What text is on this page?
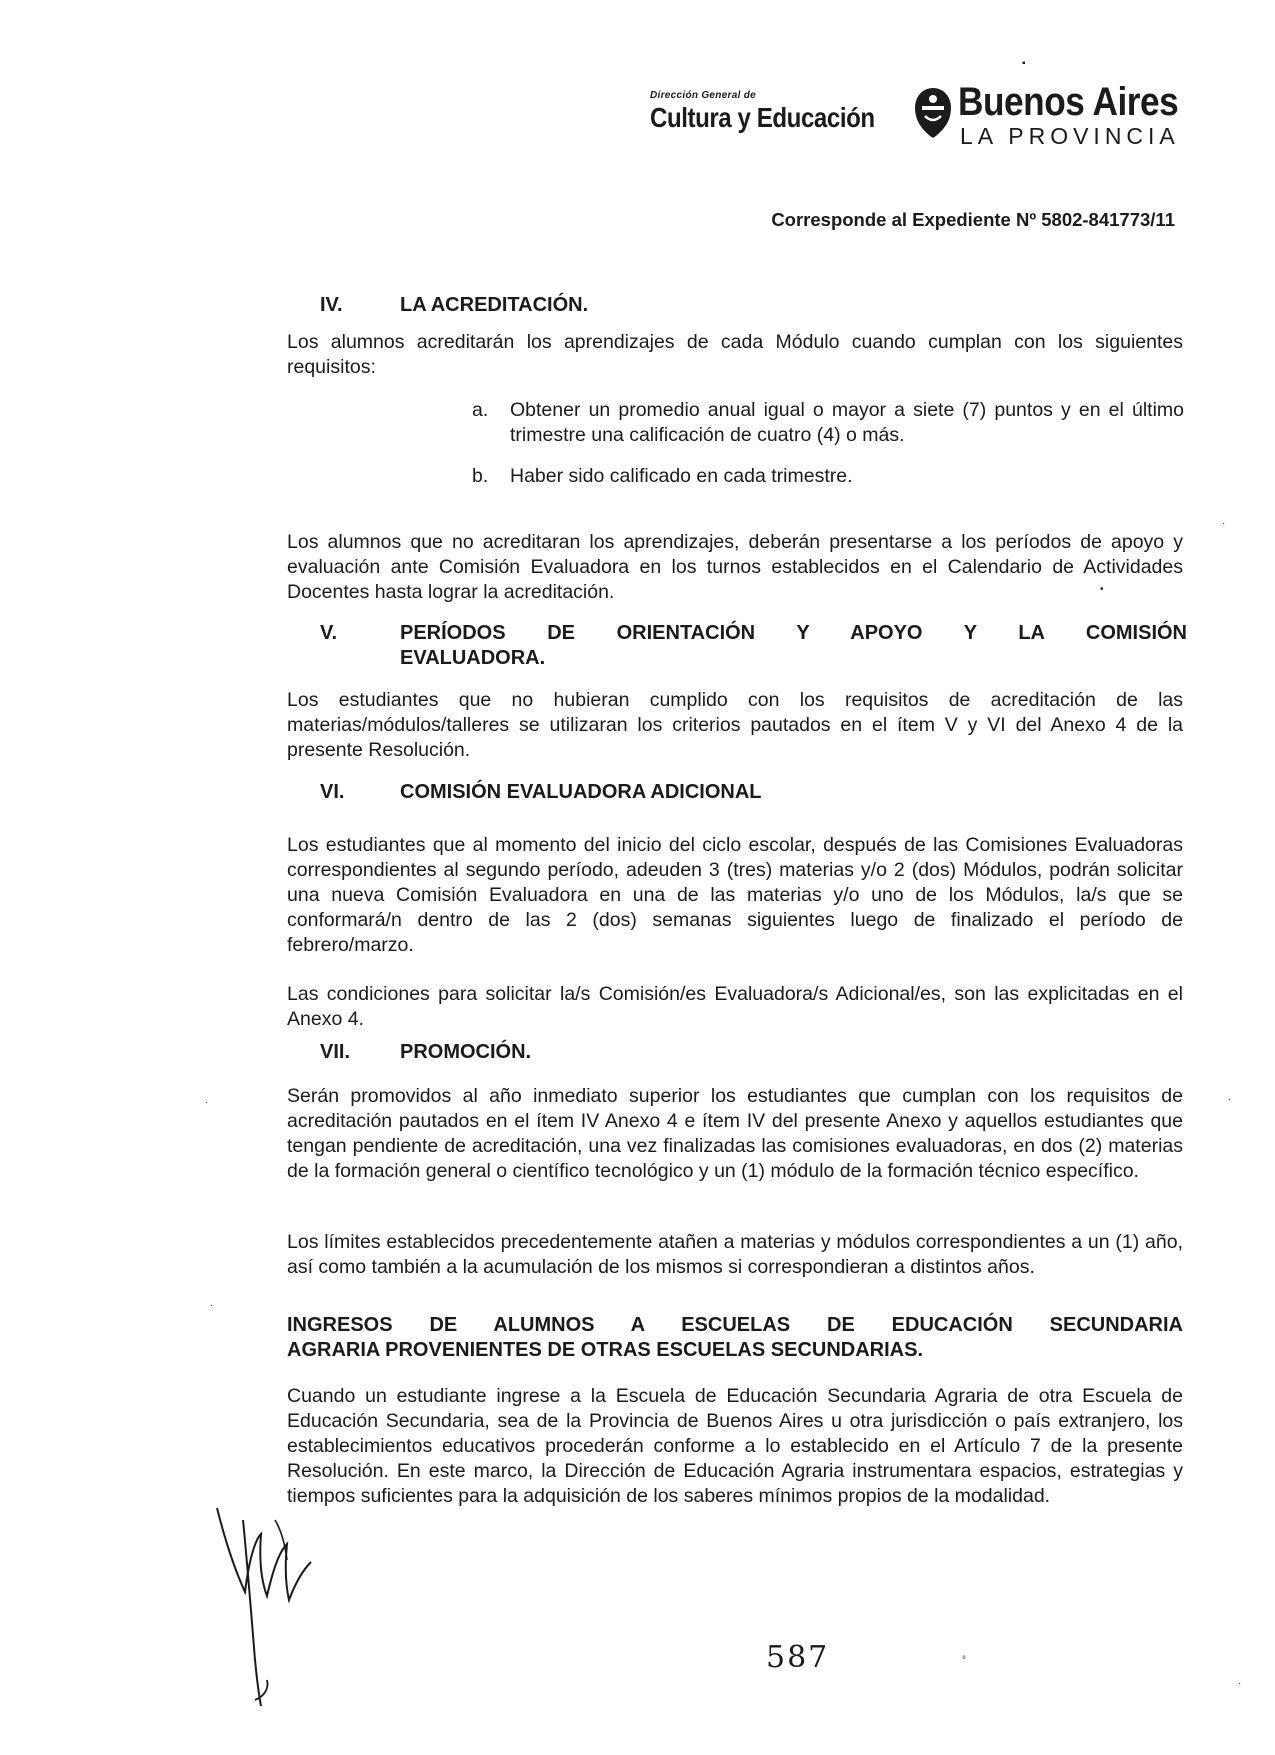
Dirección General de
Cultura y Educación Buenos Aires
LA PROVINCIA
Corresponde al Expediente Nº 5802-841773/11
IV.	LA ACREDITACIÓN.
Los alumnos acreditarán los aprendizajes de cada Módulo cuando cumplan con los siguientes requisitos:
a. Obtener un promedio anual igual o mayor a siete (7) puntos y en el último trimestre una calificación de cuatro (4) o más.
b. Haber sido calificado en cada trimestre.
Los alumnos que no acreditaran los aprendizajes, deberán presentarse a los períodos de apoyo y evaluación ante Comisión Evaluadora en los turnos establecidos en el Calendario de Actividades Docentes hasta lograr la acreditación.
V.	PERÍODOS DE ORIENTACIÓN Y APOYO Y LA COMISIÓN
EVALUADORA.
Los estudiantes que no hubieran cumplido con los requisitos de acreditación de las materias/módulos/talleres se utilizaran los criterios pautados en el ítem V y VI del Anexo 4 de la presente Resolución.
VI.	COMISIÓN EVALUADORA ADICIONAL
Los estudiantes que al momento del inicio del ciclo escolar, después de las Comisiones Evaluadoras correspondientes al segundo período, adeuden 3 (tres) materias y/o 2 (dos) Módulos, podrán solicitar una nueva Comisión Evaluadora en una de las materias y/o uno de los Módulos, la/s que se conformará/n dentro de las 2 (dos) semanas siguientes luego de finalizado el período de febrero/marzo.
Las condiciones para solicitar la/s Comisión/es Evaluadora/s Adicional/es, son las explicitadas en el Anexo 4.
VII. PROMOCIÓN.
Serán promovidos al año inmediato superior los estudiantes que cumplan con los requisitos de acreditación pautados en el ítem IV Anexo 4 e ítem IV del presente Anexo y aquellos estudiantes que tengan pendiente de acreditación, una vez finalizadas las comisiones evaluadoras, en dos (2) materias de la formación general o científico tecnológico y un (1) módulo de la formación técnico específico.
Los límites establecidos precedentemente atañen a materias y módulos correspondientes a un (1) año, así como también a la acumulación de los mismos si correspondieran a distintos años.
INGRESOS DE ALUMNOS A ESCUELAS DE EDUCACIÓN SECUNDARIA
AGRARIA PROVENIENTES DE OTRAS ESCUELAS SECUNDARIAS.
Cuando un estudiante ingrese a la Escuela de Educación Secundaria Agraria de otra Escuela de Educación Secundaria, sea de la Provincia de Buenos Aires u otra jurisdicción o país extranjero, los establecimientos educativos procederán conforme a lo establecido en el Artículo 7 de la presente Resolución. En este marco, la Dirección de Educación Agraria instrumentara espacios, estrategias y tiempos suficientes para la adquisición de los saberes mínimos propios de la modalidad.
587
▪
·
•
·	·
·
°
·
